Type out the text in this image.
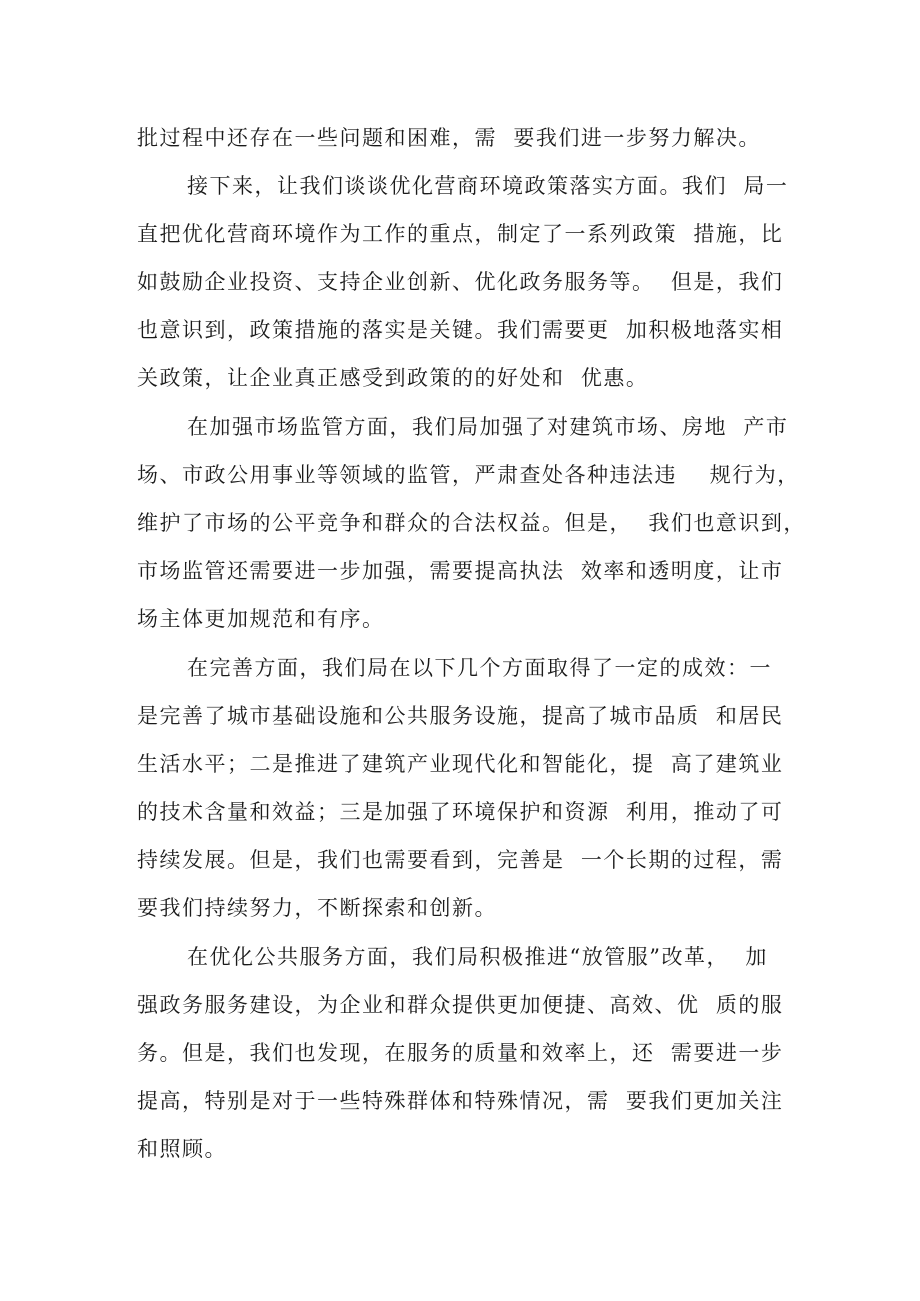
批过程中还存在一些问题和困难，需  要我们进一步努力解决。

接下来，让我们谈谈优化营商环境政策落实方面。我们  局一

直把优化营商环境作为工作的重点，制定了一系列政策  措施，比

如鼓励企业投资、支持企业创新、优化政务服务等。  但是，我们

也意识到，政策措施的落实是关键。我们需要更  加积极地落实相

关政策，让企业真正感受到政策的的好处和  优惠。

在加强市场监管方面，我们局加强了对建筑市场、房地  产市

场、市政公用事业等领域的监管，严肃查处各种违法违    规行为，

维护了市场的公平竞争和群众的合法权益。但是，  我们也意识到，

市场监管还需要进一步加强，需要提高执法  效率和透明度，让市

场主体更加规范和有序。

在完善方面，我们局在以下几个方面取得了一定的成效：一

是完善了城市基础设施和公共服务设施，提高了城市品质  和居民

生活水平；二是推进了建筑产业现代化和智能化，提  高了建筑业

的技术含量和效益；三是加强了环境保护和资源  利用，推动了可

持续发展。但是，我们也需要看到，完善是  一个长期的过程，需

要我们持续努力，不断探索和创新。

在优化公共服务方面，我们局积极推进“放管服”改革，  加

强政务服务建设，为企业和群众提供更加便捷、高效、优  质的服

务。但是，我们也发现，在服务的质量和效率上，还  需要进一步

提高，特别是对于一些特殊群体和特殊情况，需  要我们更加关注

和照顾。
